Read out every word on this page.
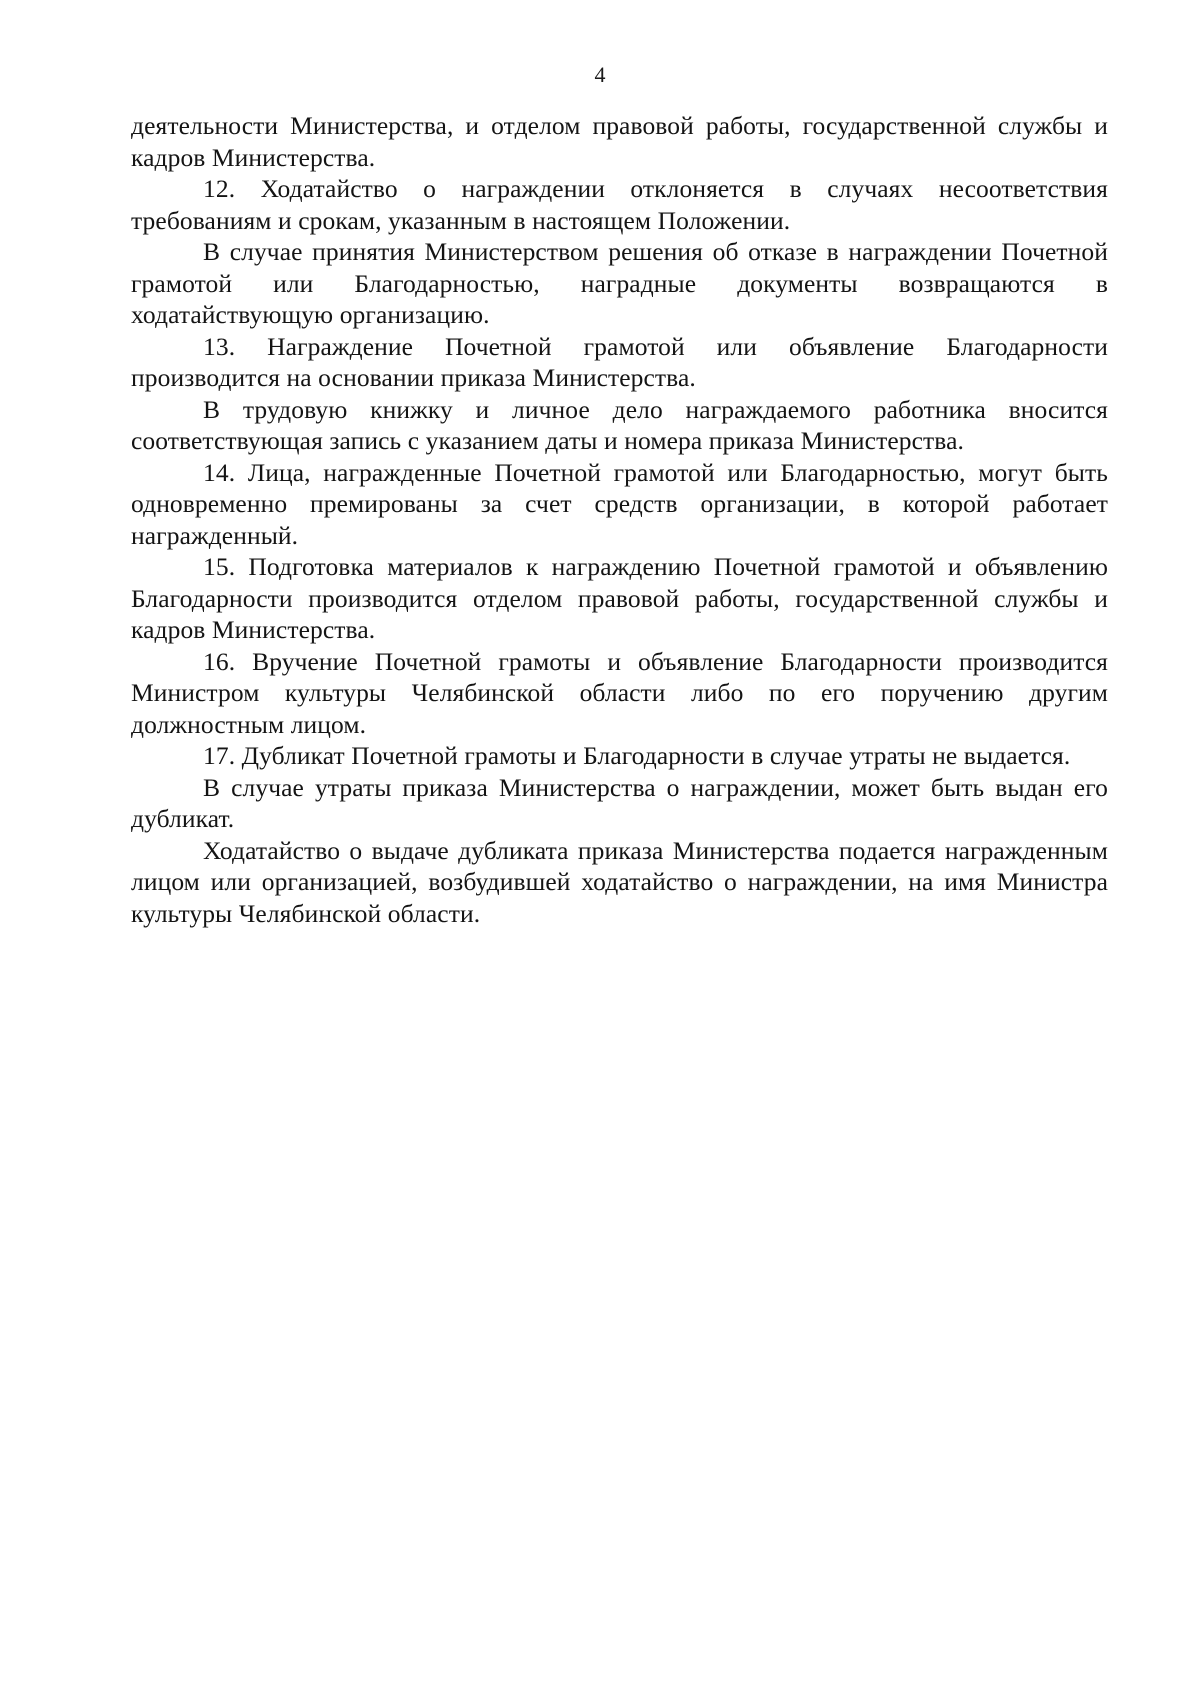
4

деятельности Министерства, и отделом правовой работы, государственной службы и кадров Министерства.

12. Ходатайство о награждении отклоняется в случаях несоответствия требованиям и срокам, указанным в настоящем Положении.

В случае принятия Министерством решения об отказе в награждении Почетной грамотой или Благодарностью, наградные документы возвращаются в ходатайствующую организацию.

13. Награждение Почетной грамотой или объявление Благодарности производится на основании приказа Министерства.

В трудовую книжку и личное дело награждаемого работника вносится соответствующая запись с указанием даты и номера приказа Министерства.

14. Лица, награжденные Почетной грамотой или Благодарностью, могут быть одновременно премированы за счет средств организации, в которой работает награжденный.

15. Подготовка материалов к награждению Почетной грамотой и объявлению Благодарности производится отделом правовой работы, государственной службы и кадров Министерства.

16. Вручение Почетной грамоты и объявление Благодарности производится Министром культуры Челябинской области либо по его поручению другим должностным лицом.

17. Дубликат Почетной грамоты и Благодарности в случае утраты не выдается.

В случае утраты приказа Министерства о награждении, может быть выдан его дубликат.

Ходатайство о выдаче дубликата приказа Министерства подается награжденным лицом или организацией, возбудившей ходатайство о награждении, на имя Министра культуры Челябинской области.
